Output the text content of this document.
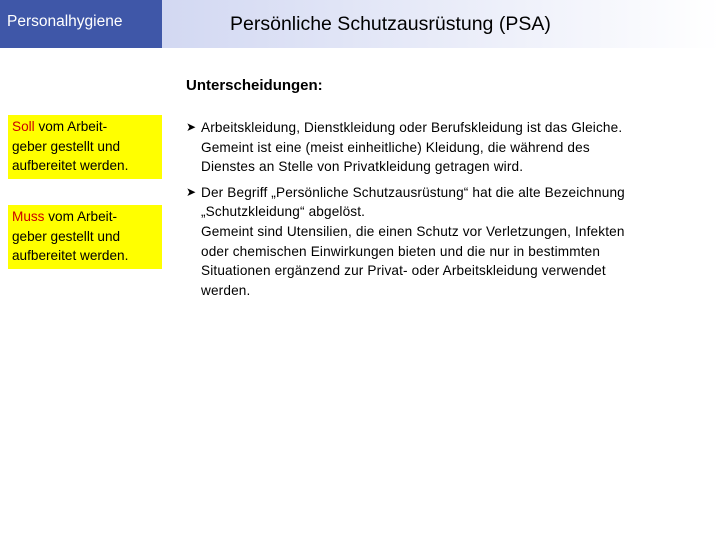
Personalhygiene	Persönliche Schutzausrüstung (PSA)
Unterscheidungen:
Soll vom Arbeit-
geber gestellt und
aufbereitet werden.
Muss vom Arbeit-
geber gestellt und
aufbereitet werden.
➤ Arbeitskleidung, Dienstkleidung oder Berufskleidung ist das Gleiche.

Gemeint ist eine (meist einheitliche) Kleidung, die während des

Dienstes an Stelle von Privatkleidung getragen wird.

➤ Der Begriff „Persönliche Schutzausrüstung“ hat die alte Bezeichnung

„Schutzkleidung“ abgelöst.

Gemeint sind Utensilien, die einen Schutz vor Verletzungen, Infekten

oder chemischen Einwirkungen bieten und die nur in bestimmten

Situationen ergänzend zur Privat- oder Arbeitskleidung verwendet

werden.
